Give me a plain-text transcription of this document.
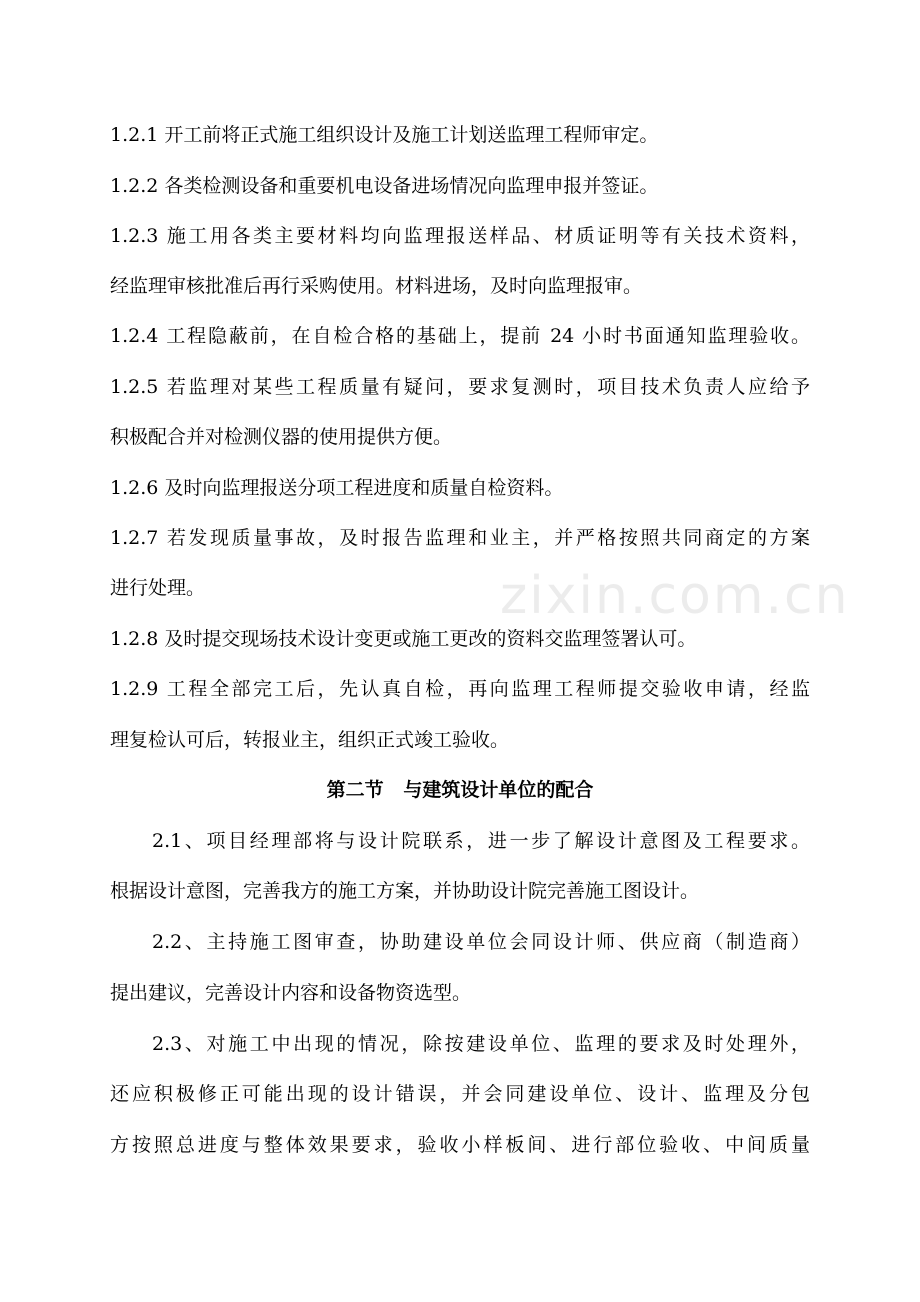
zixin.com.cn
1.2.1 开工前将正式施工组织设计及施工计划送监理工程师审定。
1.2.2 各类检测设备和重要机电设备进场情况向监理申报并签证。
1.2.3 施工用各类主要材料均向监理报送样品、材质证明等有关技术资料，
经监理审核批准后再行采购使用。材料进场，及时向监理报审。
1.2.4 工程隐蔽前，在自检合格的基础上，提前 24 小时书面通知监理验收。
1.2.5 若监理对某些工程质量有疑问，要求复测时，项目技术负责人应给予
积极配合并对检测仪器的使用提供方便。
1.2.6 及时向监理报送分项工程进度和质量自检资料。
1.2.7 若发现质量事故，及时报告监理和业主，并严格按照共同商定的方案
进行处理。
1.2.8 及时提交现场技术设计变更或施工更改的资料交监理签署认可。
1.2.9 工程全部完工后，先认真自检，再向监理工程师提交验收申请，经监
理复检认可后，转报业主，组织正式竣工验收。
第二节   与建筑设计单位的配合
2.1、项目经理部将与设计院联系，进一步了解设计意图及工程要求。
根据设计意图，完善我方的施工方案，并协助设计院完善施工图设计。
2.2、主持施工图审查，协助建设单位会同设计师、供应商（制造商）
提出建议，完善设计内容和设备物资选型。
2.3、对施工中出现的情况，除按建设单位、监理的要求及时处理外，
还应积极修正可能出现的设计错误，并会同建设单位、设计、监理及分包
方按照总进度与整体效果要求，验收小样板间、进行部位验收、中间质量
